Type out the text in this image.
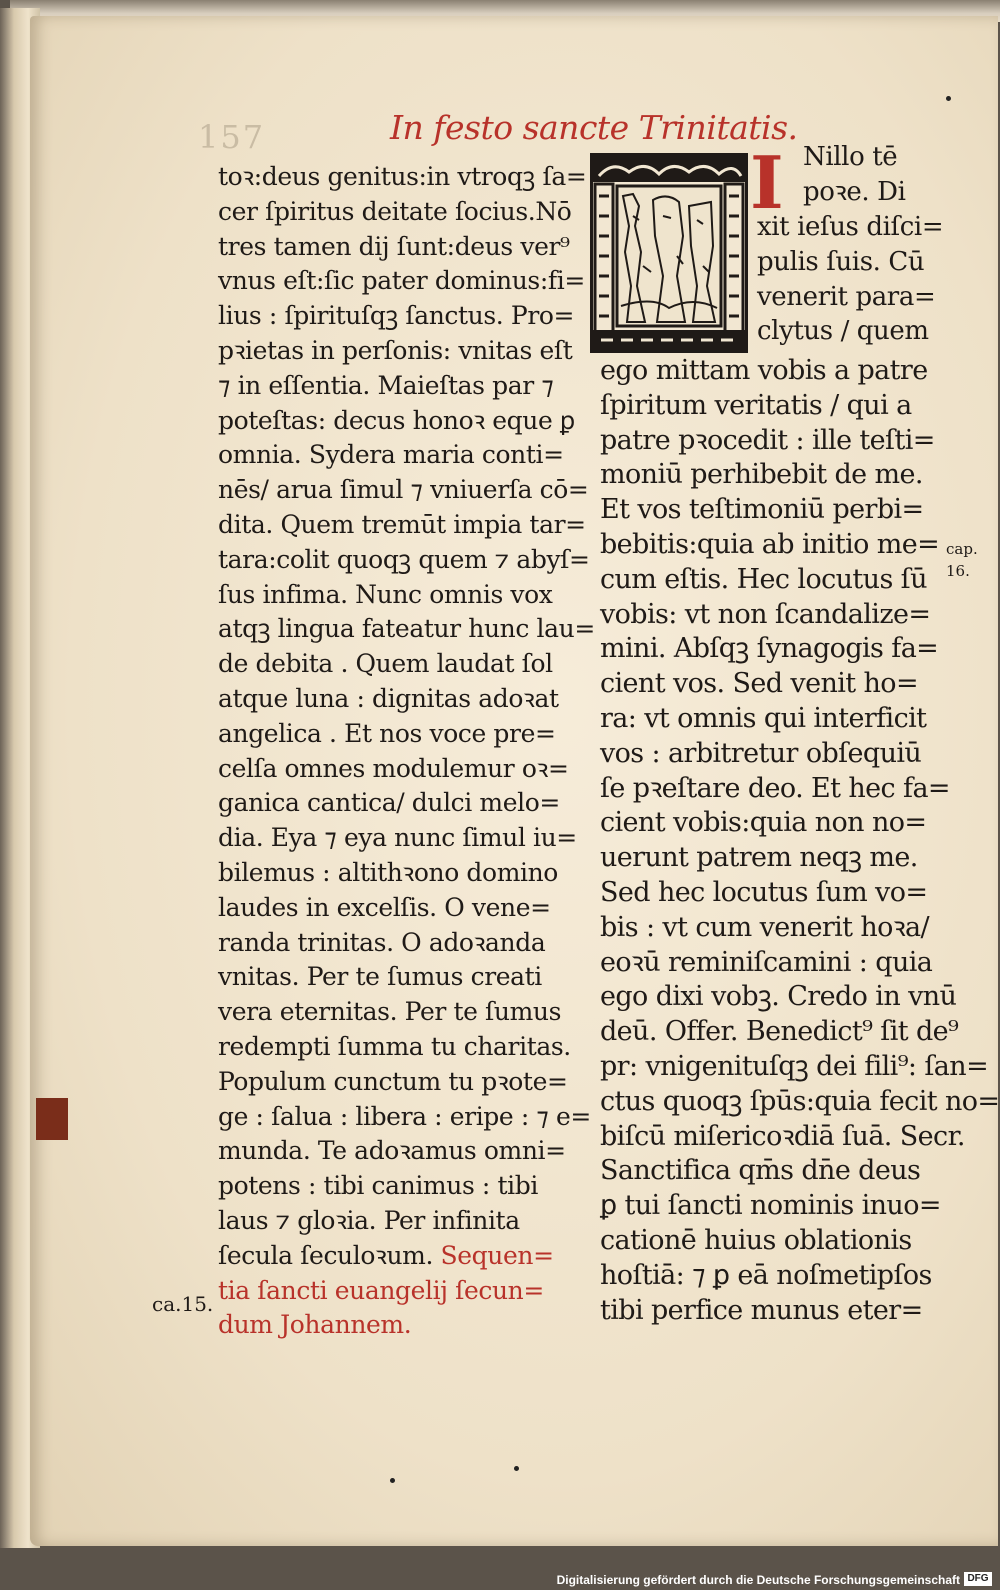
157	In festo sancte Trinitatis.
toꝛ:deus genitus:in vtroqꝫ ſa=
cer ſpiritus deitate ſocius.Nō
tres tamen dij ſunt:deus ver⁹
vnus eſt:ſic pater dominus:fi=
lius : ſpirituſqꝫ ſanctus. Pro=
pꝛietas in perſonis: vnitas eſt
⁊ in eſſentia. Maieſtas par ⁊
poteſtas: decus honoꝛ eque ꝑ
omnia. Sydera maria conti=
nēs/ arua ſimul ⁊ vniuerſa cō=
dita. Quem tremūt impia tar=
tara:colit quoqꝫ quem ⁊ abyſ=
ſus infima. Nunc omnis vox
atqꝫ lingua fateatur hunc lau=
de debita . Quem laudat ſol
atque luna : dignitas adoꝛat
angelica . Et nos voce pre=
celſa omnes modulemur oꝛ=
ganica cantica/ dulci melo=
dia. Eya ⁊ eya nunc ſimul iu=
bilemus : altithꝛono domino
laudes in excelſis. O vene=
randa trinitas. O adoꝛanda
vnitas. Per te ſumus creati
vera eternitas. Per te ſumus
redempti ſumma tu charitas.
Populum cunctum tu pꝛote=
ge : ſalua : libera : eripe : ⁊ e=
munda. Te adoꝛamus omni=
potens : tibi canimus : tibi
laus ⁊ gloꝛia. Per infinita
ſecula ſeculoꝛum. Sequen=
tia ſancti euangelij ſecun=
dum Johannem.
ca.15.
I Nillo tē
poꝛe. Di
xit ieſus diſci=
pulis ſuis. Cū
venerit para=
clytus / quem
ego mittam vobis a patre
ſpiritum veritatis / qui a
patre pꝛocedit : ille teſti=
moniū perhibebit de me.
Et vos teſtimoniū perbi=
bebitis:quia ab initio me=
cum eſtis. Hec locutus ſū
vobis: vt non ſcandalize=
mini. Abſqꝫ ſynagogis fa=
cient vos. Sed venit ho=
ra: vt omnis qui interficit
vos : arbitretur obſequiū
ſe pꝛeſtare deo. Et hec fa=
cient vobis:quia non no=
uerunt patrem neqꝫ me.
Sed hec locutus ſum vo=
bis : vt cum venerit hoꝛa/
eoꝛū reminiſcamini : quia
ego dixi vobꝫ. Credo in vnū
deū. Offer. Benedict⁹ ſit de⁹
pr: vnigenituſqꝫ dei fili⁹: ſan=
ctus quoqꝫ ſpūs:quia fecit no=
biſcū miſericoꝛdiā ſuā. Secr.
Sanctifica qm̄s dn̄e deus
ꝑ tui ſancti nominis inuo=
cationē huius oblationis
hoſtiā: ⁊ ꝑ eā noſmetipſos
tibi perfice munus eter=
cap.
16.
Digitalisierung gefördert durch die Deutsche Forschungsgemeinschaft DFG
